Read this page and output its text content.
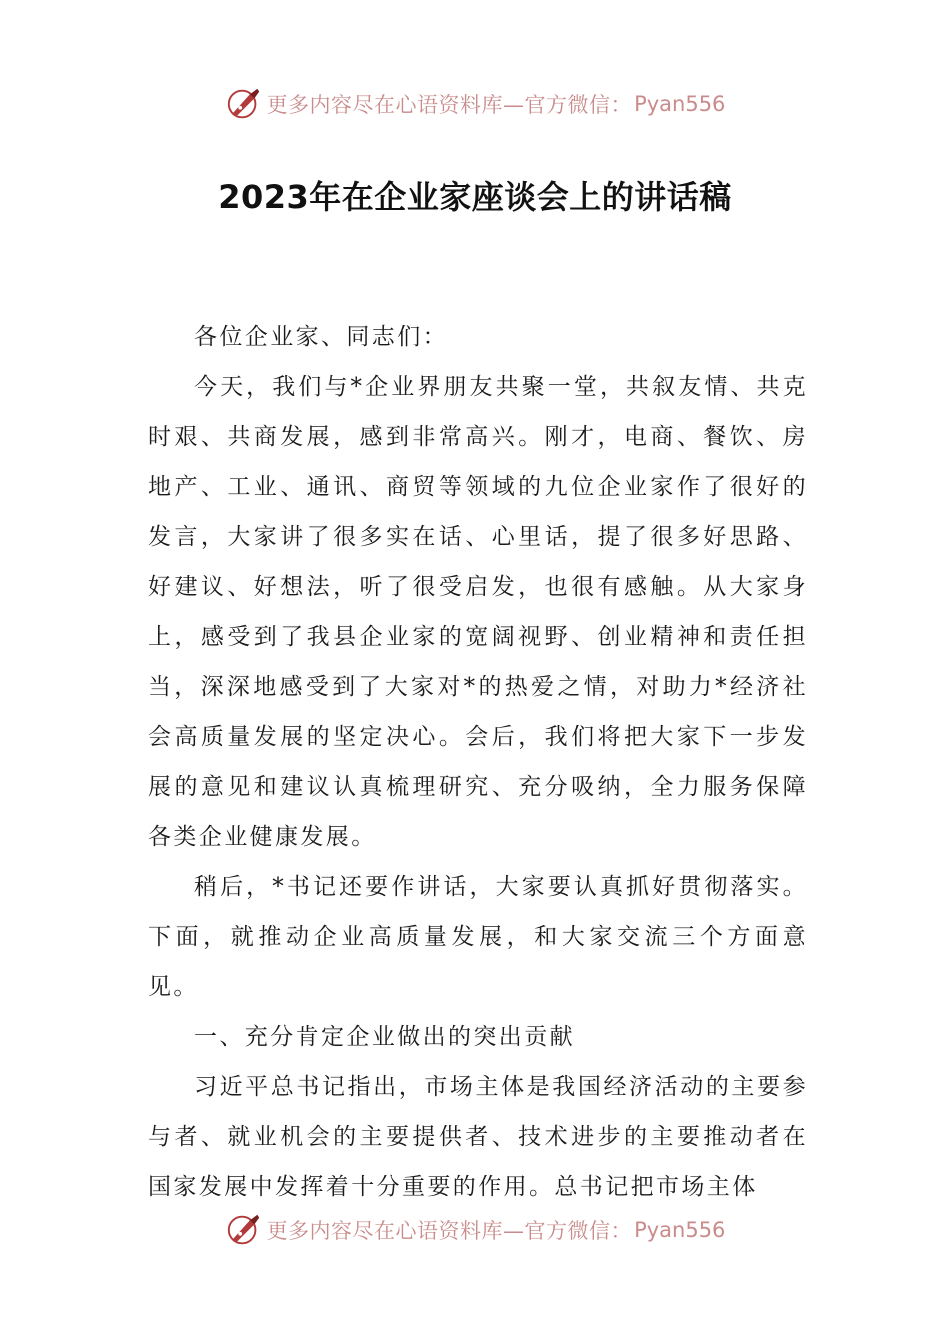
更多内容尽在心语资料库—官方微信： Pyan556
2023年在企业家座谈会上的讲话稿

各位企业家、同志们：

今天，我们与*企业界朋友共聚一堂，共叙友情、共克时艰、共商发展，感到非常高兴。刚才，电商、餐饮、房地产、工业、通讯、商贸等领域的九位企业家作了很好的发言，大家讲了很多实在话、心里话，提了很多好思路、好建议、好想法，听了很受启发，也很有感触。从大家身上，感受到了我县企业家的宽阔视野、创业精神和责任担当，深深地感受到了大家对*的热爱之情，对助力*经济社会高质量发展的坚定决心。会后，我们将把大家下一步发展的意见和建议认真梳理研究、充分吸纳，全力服务保障各类企业健康发展。

稍后，*书记还要作讲话，大家要认真抓好贯彻落实。下面，就推动企业高质量发展，和大家交流三个方面意见。

一、充分肯定企业做出的突出贡献

习近平总书记指出，市场主体是我国经济活动的主要参与者、就业机会的主要提供者、技术进步的主要推动者在国家发展中发挥着十分重要的作用。总书记把市场主体

更多内容尽在心语资料库—官方微信： Pyan556
